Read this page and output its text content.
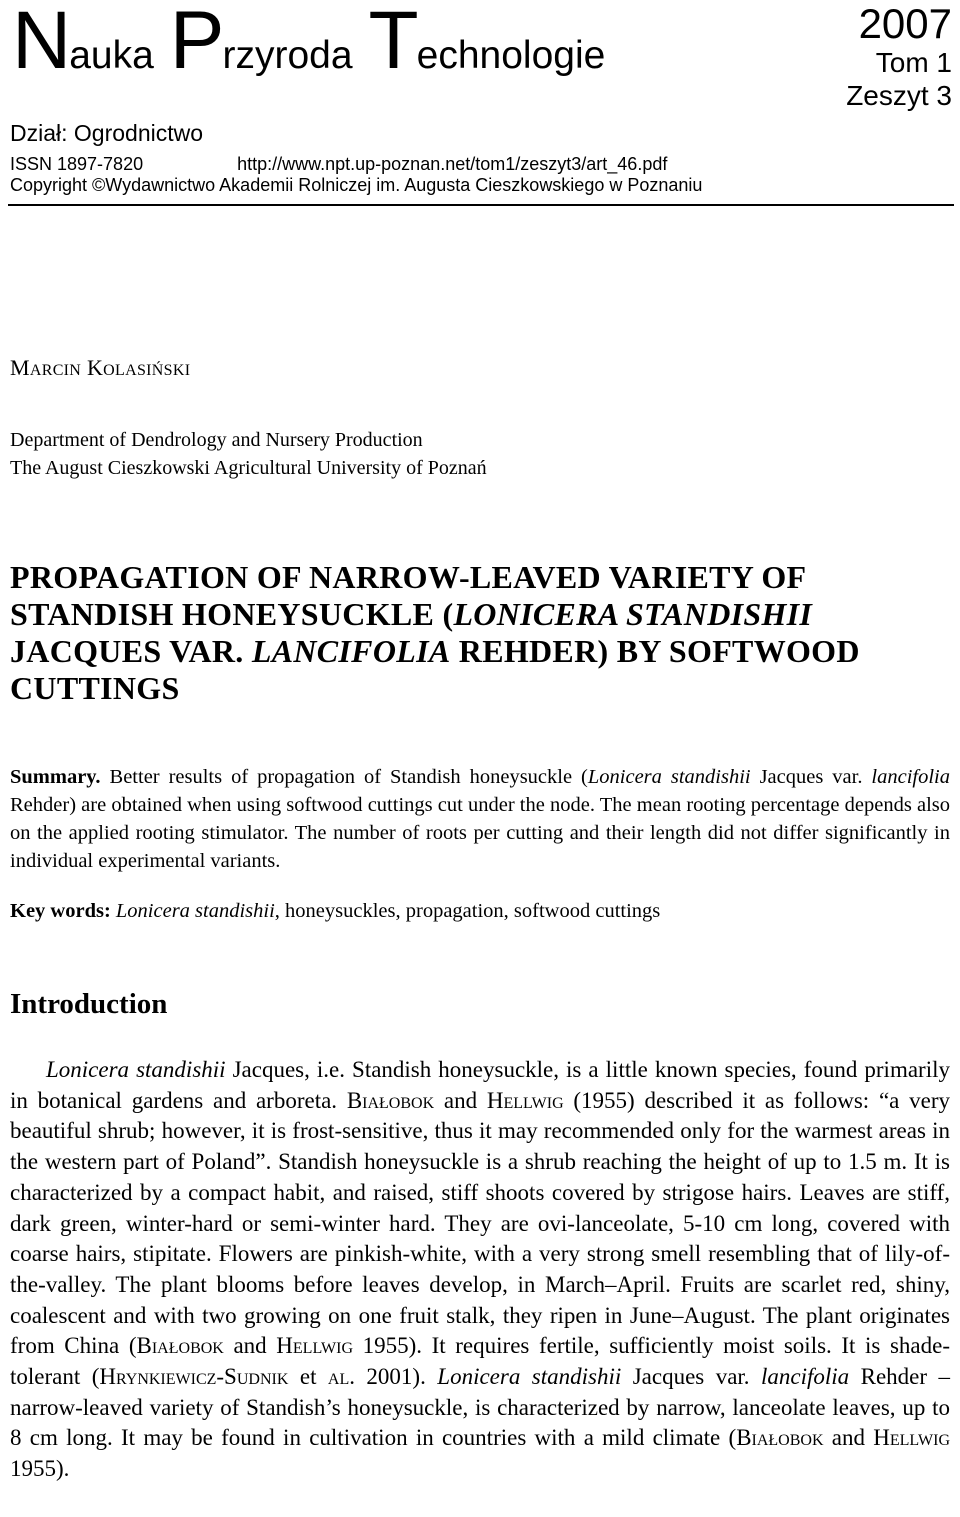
Nauka Przyroda Technologie
2007
Tom 1
Zeszyt 3
Dział: Ogrodnictwo
ISSN 1897-7820	http://www.npt.up-poznan.net/tom1/zeszyt3/art_46.pdf
Copyright ©Wydawnictwo Akademii Rolniczej im. Augusta Cieszkowskiego w Poznaniu
MARCIN KOLASIŃSKI
Department of Dendrology and Nursery Production
The August Cieszkowski Agricultural University of Poznań
PROPAGATION OF NARROW-LEAVED VARIETY OF STANDISH HONEYSUCKLE (LONICERA STANDISHII JACQUES VAR. LANCIFOLIA REHDER) BY SOFTWOOD CUTTINGS
Summary. Better results of propagation of Standish honeysuckle (Lonicera standishii Jacques var. lancifolia Rehder) are obtained when using softwood cuttings cut under the node. The mean rooting percentage depends also on the applied rooting stimulator. The number of roots per cutting and their length did not differ significantly in individual experimental variants.
Key words: Lonicera standishii, honeysuckles, propagation, softwood cuttings
Introduction
Lonicera standishii Jacques, i.e. Standish honeysuckle, is a little known species, found primarily in botanical gardens and arboreta. Białobok and Hellwig (1955) described it as follows: “a very beautiful shrub; however, it is frost-sensitive, thus it may recommended only for the warmest areas in the western part of Poland”. Standish honeysuckle is a shrub reaching the height of up to 1.5 m. It is characterized by a compact habit, and raised, stiff shoots covered by strigose hairs. Leaves are stiff, dark green, winter-hard or semi-winter hard. They are ovi-lanceolate, 5-10 cm long, covered with coarse hairs, stipitate. Flowers are pinkish-white, with a very strong smell resembling that of lily-of-the-valley. The plant blooms before leaves develop, in March–April. Fruits are scarlet red, shiny, coalescent and with two growing on one fruit stalk, they ripen in June–August. The plant originates from China (Białobok and Hellwig 1955). It requires fertile, sufficiently moist soils. It is shade-tolerant (Hrynkiewicz-Sudnik et al. 2001). Lonicera standishii Jacques var. lancifolia Rehder – narrow-leaved variety of Standish’s honeysuckle, is characterized by narrow, lanceolate leaves, up to 8 cm long. It may be found in cultivation in countries with a mild climate (Białobok and Hellwig 1955).
